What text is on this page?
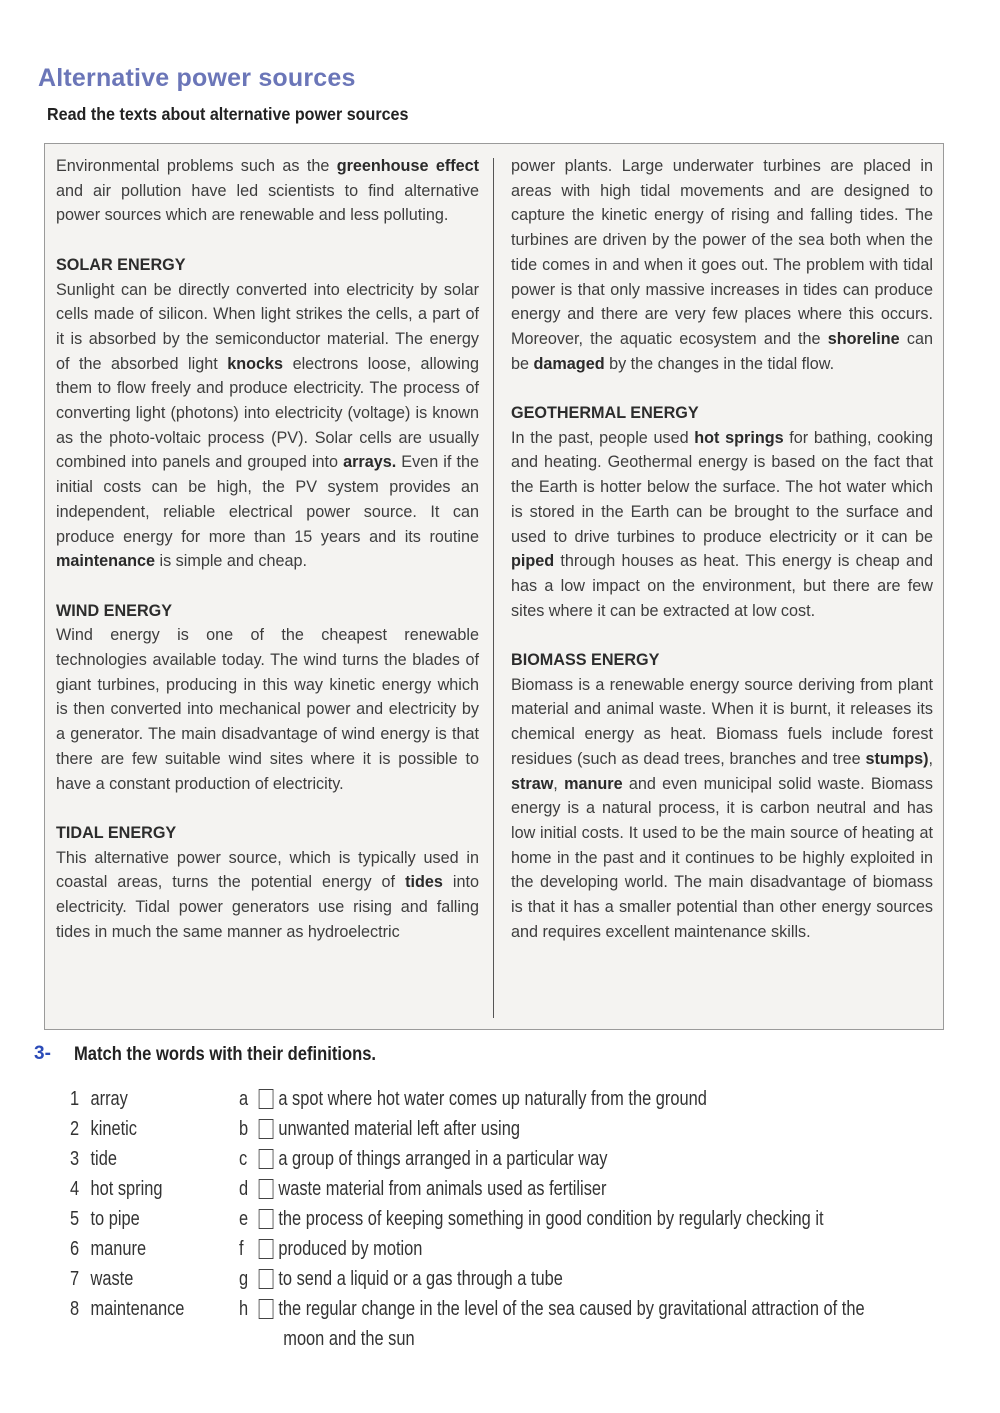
Alternative power sources
Read the texts about alternative power sources

Environmental problems such as the greenhouse effect and air pollution have led scientists to find alternative power sources which are renewable and less polluting.

SOLAR ENERGY

Sunlight can be directly converted into electricity by solar cells made of silicon. When light strikes the cells, a part of it is absorbed by the semiconductor material. The energy of the absorbed light knocks electrons loose, allowing them to flow freely and produce electricity. The process of converting light (photons) into electricity (voltage) is known as the photo-voltaic process (PV). Solar cells are usually combined into panels and grouped into arrays. Even if the initial costs can be high, the PV system provides an independent, reliable electrical power source. It can produce energy for more than 15 years and its routine maintenance is simple and cheap.

WIND ENERGY

Wind energy is one of the cheapest renewable technologies available today. The wind turns the blades of giant turbines, producing in this way kinetic energy which is then converted into mechanical power and electricity by a generator. The main disadvantage of wind energy is that there are few suitable wind sites where it is possible to have a constant production of electricity.

TIDAL ENERGY

This alternative power source, which is typically used in coastal areas, turns the potential energy of tides into electricity. Tidal power generators use rising and falling tides in much the same manner as hydroelectric

power plants. Large underwater turbines are placed in areas with high tidal movements and are designed to capture the kinetic energy of rising and falling tides. The turbines are driven by the power of the sea both when the tide comes in and when it goes out. The problem with tidal power is that only massive increases in tides can produce energy and there are very few places where this occurs. Moreover, the aquatic ecosystem and the shoreline can be damaged by the changes in the tidal flow.

GEOTHERMAL ENERGY

In the past, people used hot springs for bathing, cooking and heating. Geothermal energy is based on the fact that the Earth is hotter below the surface. The hot water which is stored in the Earth can be brought to the surface and used to drive turbines to produce electricity or it can be piped through houses as heat. This energy is cheap and has a low impact on the environment, but there are few sites where it can be extracted at low cost.

BIOMASS ENERGY

Biomass is a renewable energy source deriving from plant material and animal waste. When it is burnt, it releases its chemical energy as heat. Biomass fuels include forest residues (such as dead trees, branches and tree stumps), straw, manure and even municipal solid waste. Biomass energy is a natural process, it is carbon neutral and has low initial costs. It used to be the main source of heating at home in the past and it continues to be highly exploited in the developing world. The main disadvantage of biomass is that it has a smaller potential than other energy sources and requires excellent maintenance skills.

3- Match the words with their definitions.
1 array
2 kinetic
3 tide
4 hot spring
5 to pipe
6 manure
7 waste
8 maintenance
a a spot where hot water comes up naturally from the ground
b unwanted material left after using
c a group of things arranged in a particular way
d waste material from animals used as fertiliser
e the process of keeping something in good condition by regularly checking it
f produced by motion
g to send a liquid or a gas through a tube
h the regular change in the level of the sea caused by gravitational attraction of the
moon and the sun
